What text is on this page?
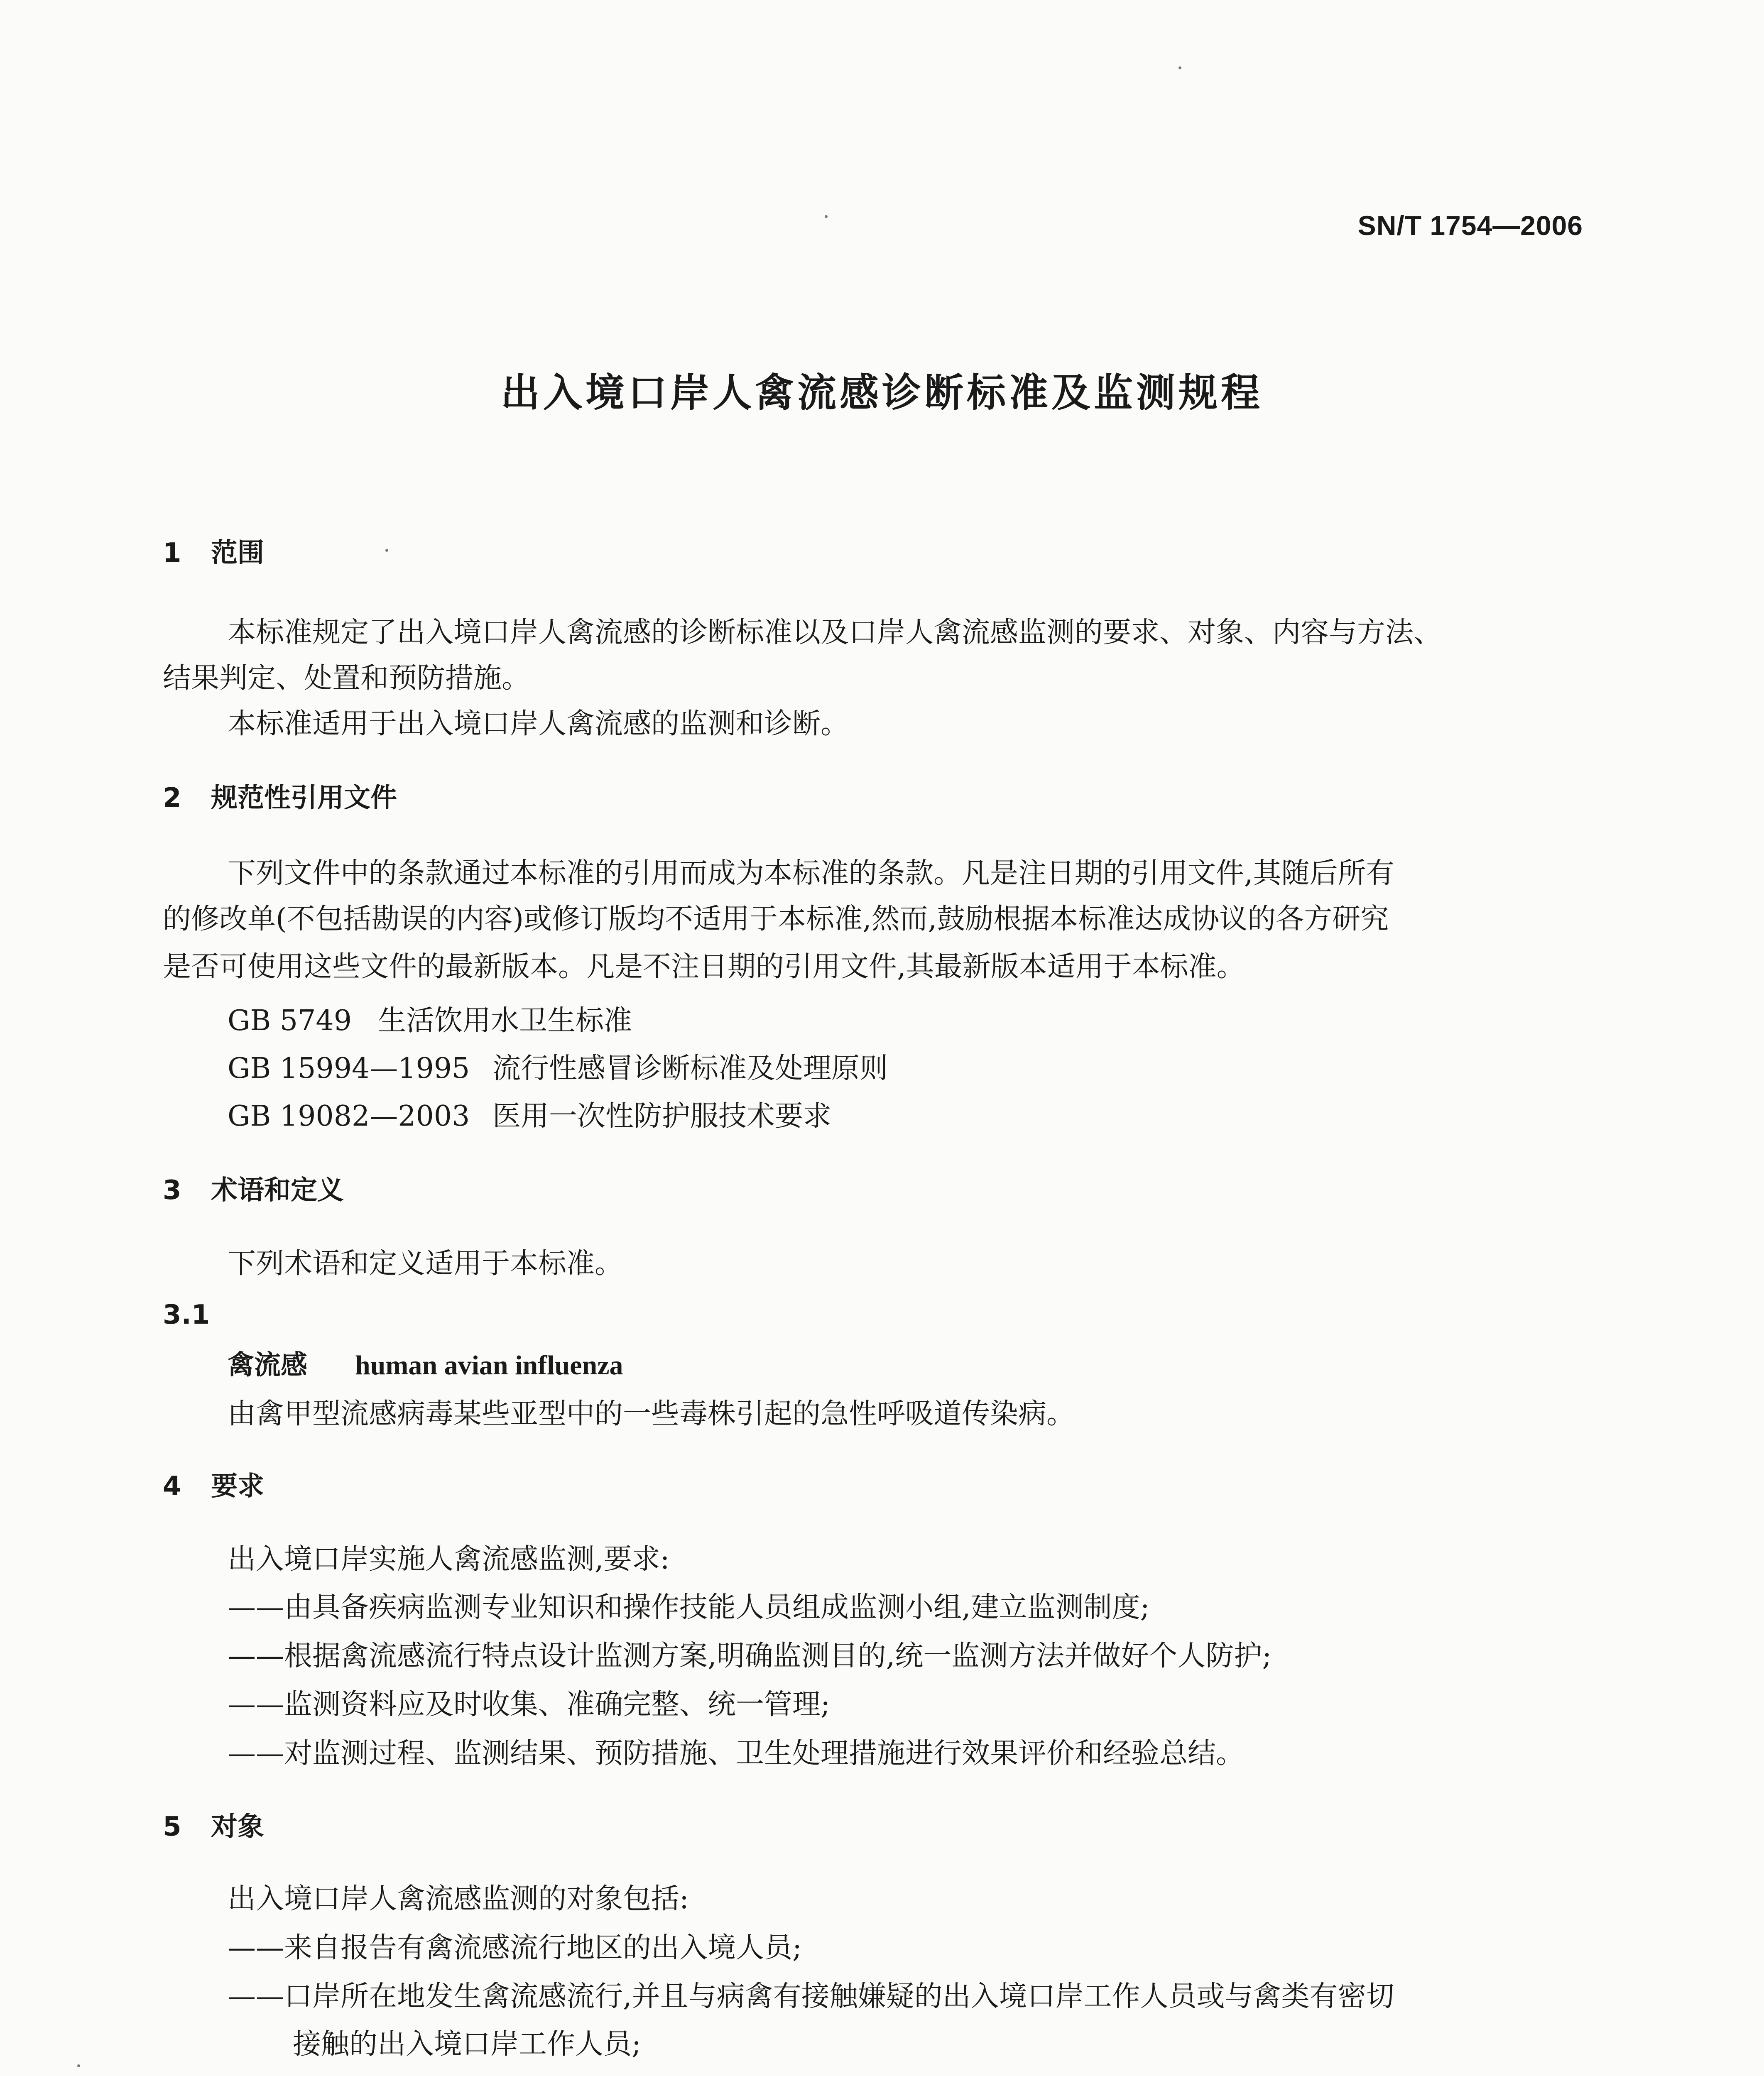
SN/T 1754—2006
出入境口岸人禽流感诊断标准及监测规程
1 范围
本标准规定了出入境口岸人禽流感的诊断标准以及口岸人禽流感监测的要求、对象、内容与方法、
结果判定、处置和预防措施。
本标准适用于出入境口岸人禽流感的监测和诊断。
2 规范性引用文件
下列文件中的条款通过本标准的引用而成为本标准的条款。凡是注日期的引用文件,其随后所有
的修改单(不包括勘误的内容)或修订版均不适用于本标准,然而,鼓励根据本标准达成协议的各方研究
是否可使用这些文件的最新版本。凡是不注日期的引用文件,其最新版本适用于本标准。
GB 5749 生活饮用水卫生标准
GB 15994—1995 流行性感冒诊断标准及处理原则
GB 19082—2003 医用一次性防护服技术要求
3 术语和定义
下列术语和定义适用于本标准。
3.1
禽流感 human avian influenza
由禽甲型流感病毒某些亚型中的一些毒株引起的急性呼吸道传染病。
4 要求
出入境口岸实施人禽流感监测,要求:
——由具备疾病监测专业知识和操作技能人员组成监测小组,建立监测制度;
——根据禽流感流行特点设计监测方案,明确监测目的,统一监测方法并做好个人防护;
——监测资料应及时收集、准确完整、统一管理;
——对监测过程、监测结果、预防措施、卫生处理措施进行效果评价和经验总结。
5 对象
出入境口岸人禽流感监测的对象包括:
——来自报告有禽流感流行地区的出入境人员;
——口岸所在地发生禽流感流行,并且与病禽有接触嫌疑的出入境口岸工作人员或与禽类有密切
接触的出入境口岸工作人员;
